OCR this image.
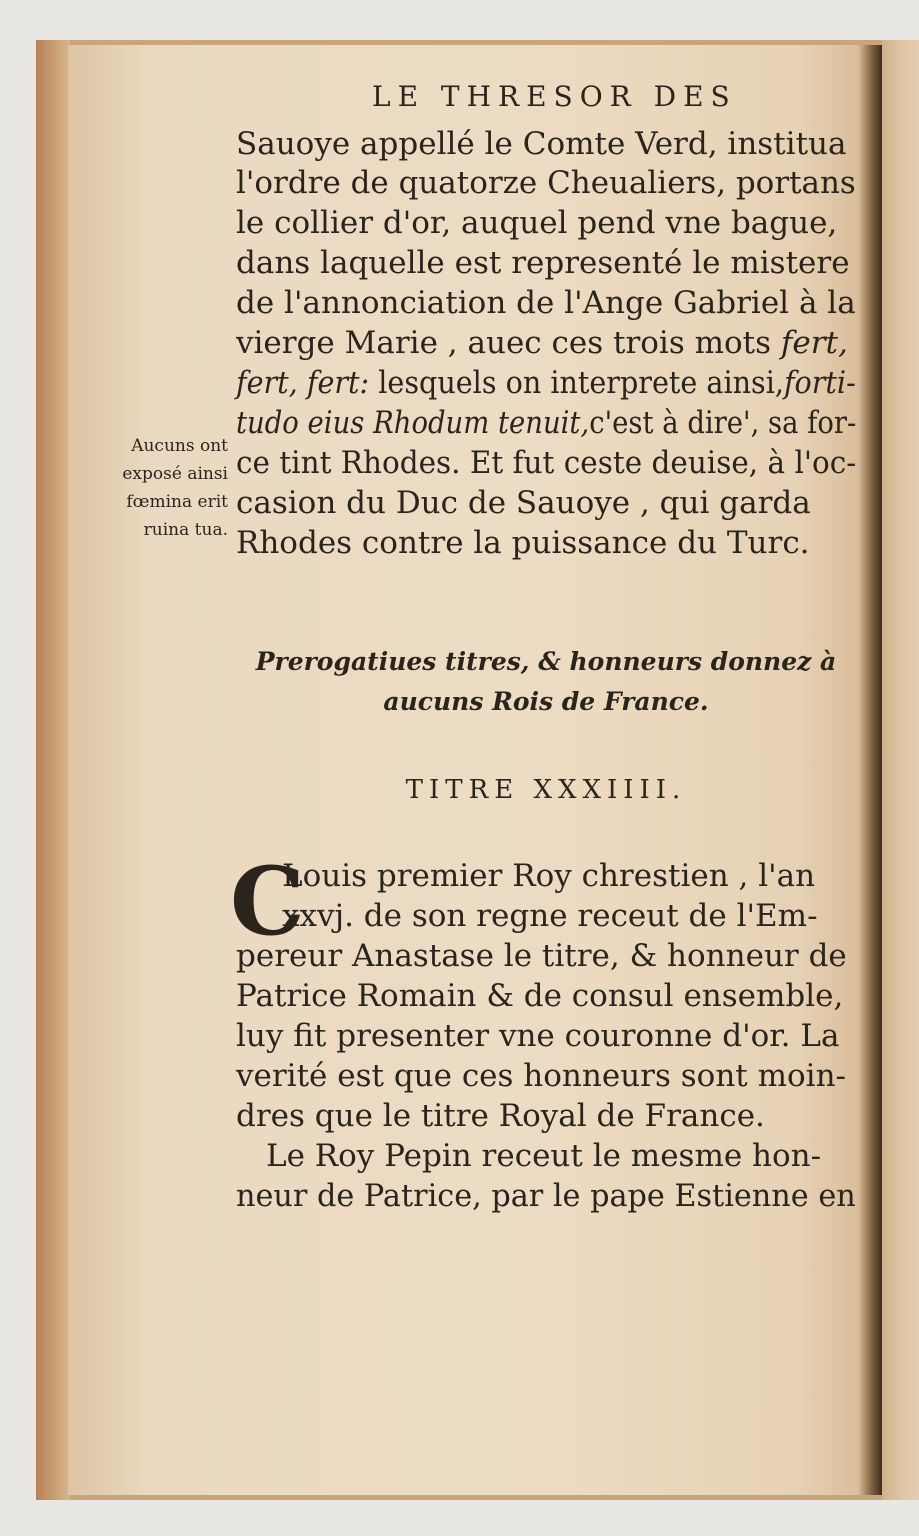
LE THRESOR DES
Sauoye appellé le Comte Verd, institua
l'ordre de quatorze Cheualiers, portans
le collier d'or, auquel pend vne bague,
dans laquelle est representé le mistere
de l'annonciation de l'Ange Gabriel à la
vierge Marie , auec ces trois mots fert,
fert, fert: lesquels on interprete ainsi,forti-
tudo eius Rhodum tenuit,c'est à dire', sa for-
ce tint Rhodes. Et fut ceste deuise, à l'oc-
casion du Duc de Sauoye , qui garda
Rhodes contre la puissance du Turc.
Aucuns ont
exposé ainsi
fœmina erit
ruina tua.
Prerogatiues titres, & honneurs donnez à
aucuns Rois de France.
TITRE XXXIIII.
C
Louis premier Roy chrestien , l'an
xxvj. de son regne receut de l'Em-
pereur Anastase le titre, & honneur de
Patrice Romain & de consul ensemble,
luy fit presenter vne couronne d'or. La
verité est que ces honneurs sont moin-
dres que le titre Royal de France.
Le Roy Pepin receut le mesme hon-
neur de Patrice, par le pape Estienne en
